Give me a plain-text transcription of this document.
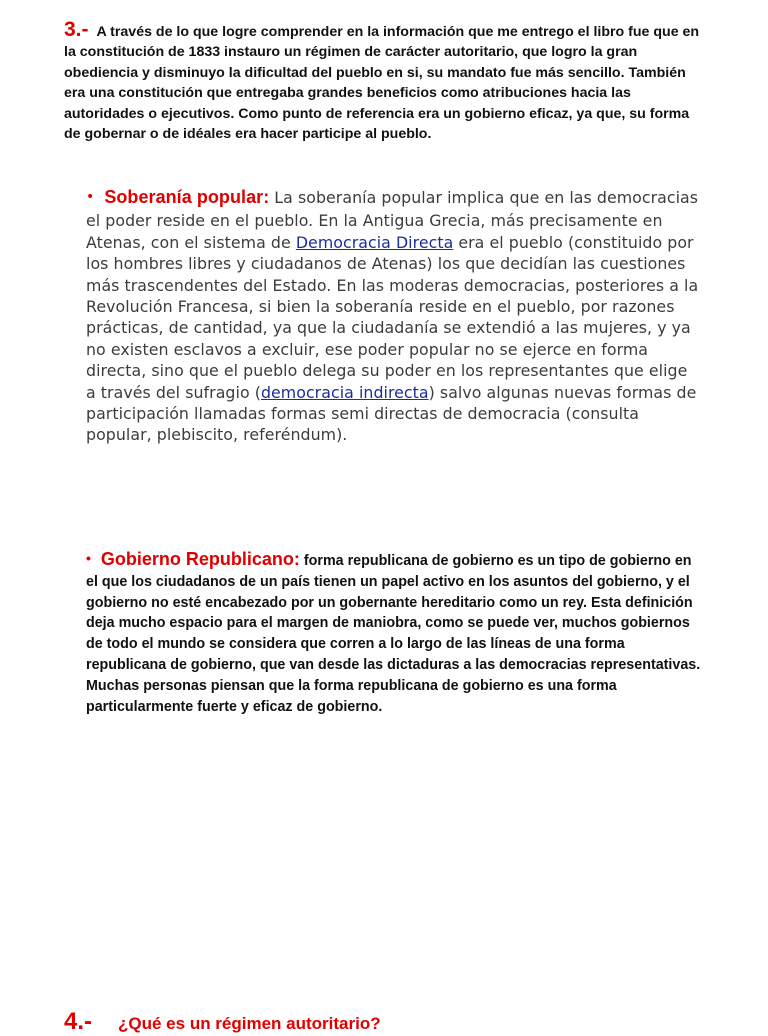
3.- A través de lo que logre comprender en la información que me entrego el libro fue que en la constitución de 1833 instauro un régimen de carácter autoritario, que logro la gran obediencia y disminuyo la dificultad del pueblo en si, su mandato fue más sencillo. También era una constitución que entregaba grandes beneficios como atribuciones hacia las autoridades o ejecutivos. Como punto de referencia era un gobierno eficaz, ya que, su forma de gobernar o de idéales era hacer participe al pueblo.
• Soberanía popular: La soberanía popular implica que en las democracias el poder reside en el pueblo. En la Antigua Grecia, más precisamente en Atenas, con el sistema de Democracia Directa era el pueblo (constituido por los hombres libres y ciudadanos de Atenas) los que decidían las cuestiones más trascendentes del Estado. En las moderas democracias, posteriores a la Revolución Francesa, si bien la soberanía reside en el pueblo, por razones prácticas, de cantidad, ya que la ciudadanía se extendió a las mujeres, y ya no existen esclavos a excluir, ese poder popular no se ejerce en forma directa, sino que el pueblo delega su poder en los representantes que elige a través del sufragio (democracia indirecta) salvo algunas nuevas formas de participación llamadas formas semi directas de democracia (consulta popular, plebiscito, referéndum).
• Gobierno Republicano: forma republicana de gobierno es un tipo de gobierno en el que los ciudadanos de un país tienen un papel activo en los asuntos del gobierno, y el gobierno no esté encabezado por un gobernante hereditario como un rey. Esta definición deja mucho espacio para el margen de maniobra, como se puede ver, muchos gobiernos de todo el mundo se considera que corren a lo largo de las líneas de una forma republicana de gobierno, que van desde las dictaduras a las democracias representativas. Muchas personas piensan que la forma republicana de gobierno es una forma particularmente fuerte y eficaz de gobierno.
4.- ¿Qué es un régimen autoritario?
